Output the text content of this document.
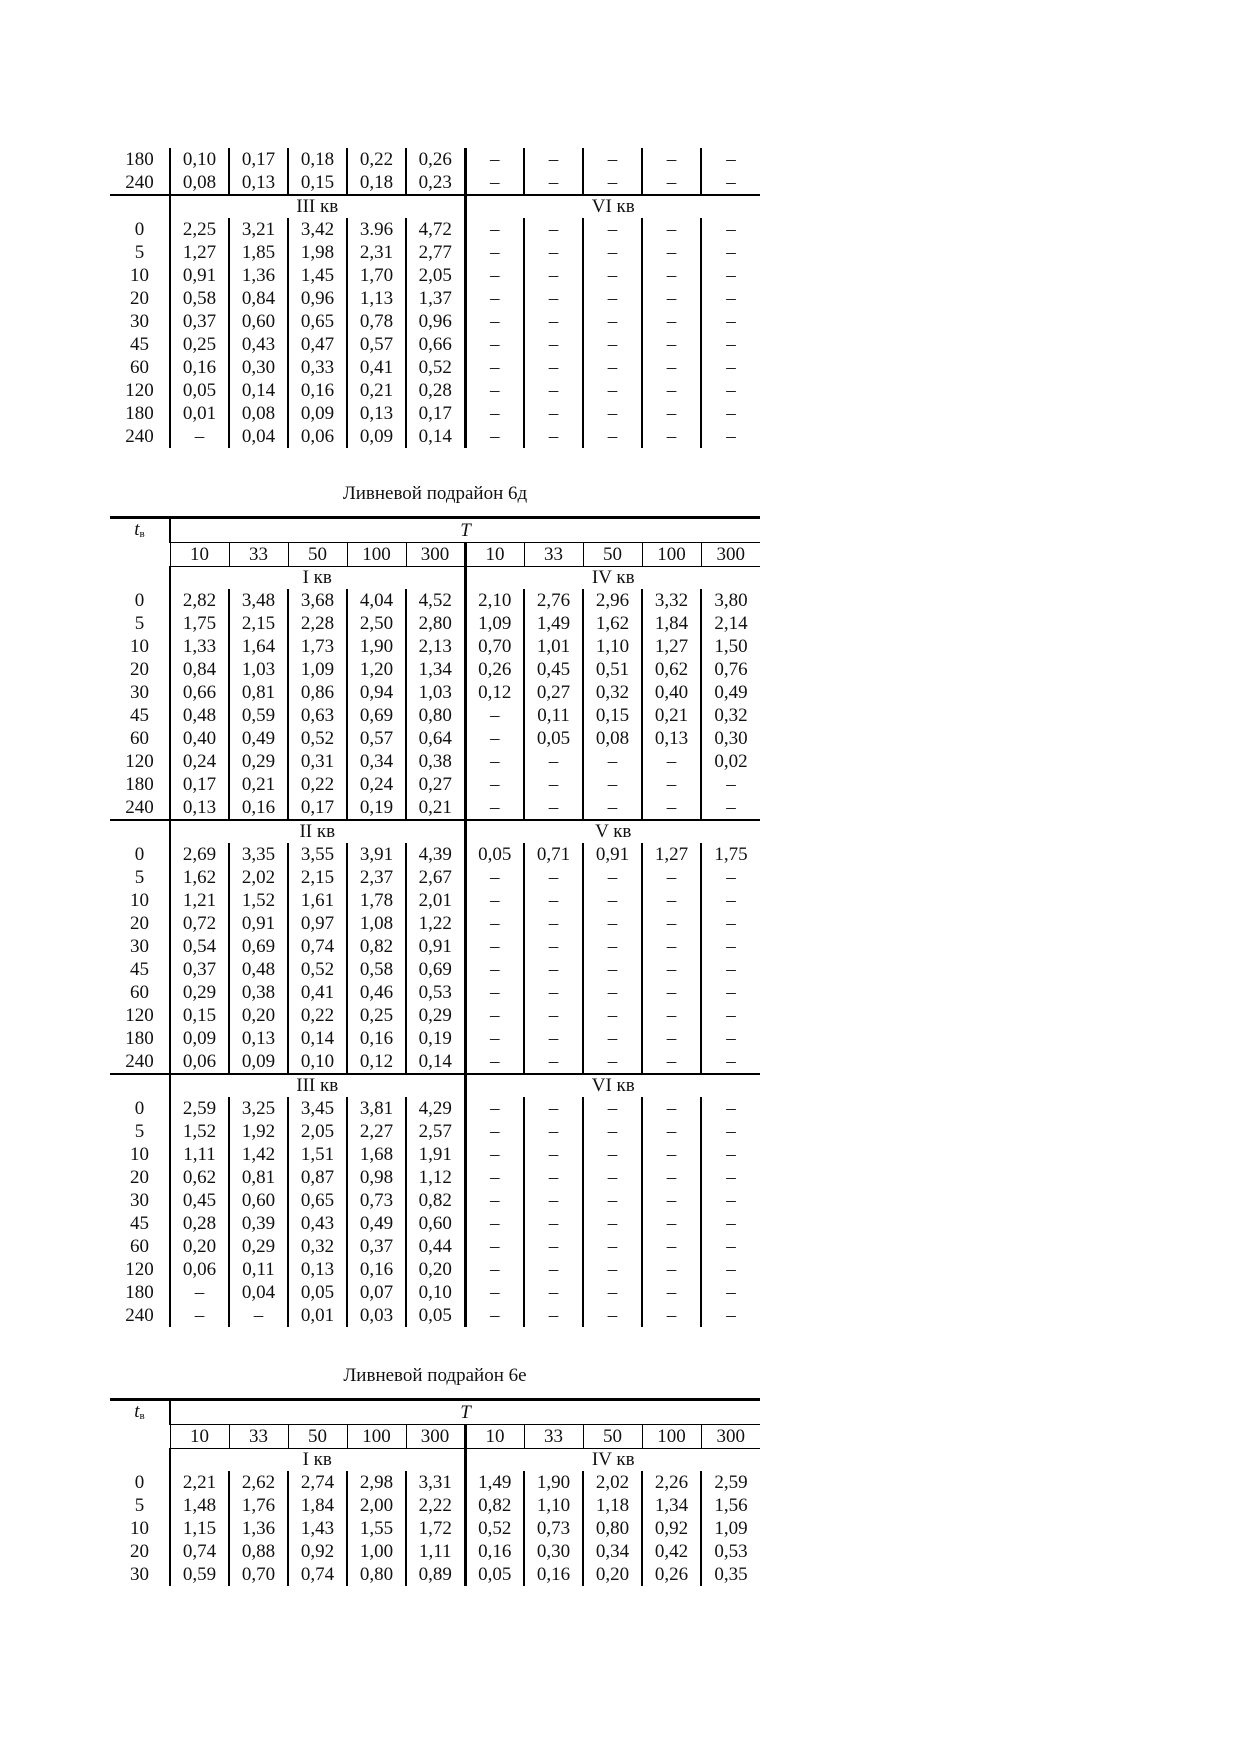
180	0,10	0,17	0,18	0,22	0,26	–	–	–	–	–
240	0,08	0,13	0,15	0,18	0,23	–	–	–	–	–
	III кв					VI кв				
0	2,25	3,21	3,42	3.96	4,72	–	–	–	–	–
5	1,27	1,85	1,98	2,31	2,77	–	–	–	–	–
10	0,91	1,36	1,45	1,70	2,05	–	–	–	–	–
20	0,58	0,84	0,96	1,13	1,37	–	–	–	–	–
30	0,37	0,60	0,65	0,78	0,96	–	–	–	–	–
45	0,25	0,43	0,47	0,57	0,66	–	–	–	–	–
60	0,16	0,30	0,33	0,41	0,52	–	–	–	–	–
120	0,05	0,14	0,16	0,21	0,28	–	–	–	–	–
180	0,01	0,08	0,09	0,13	0,17	–	–	–	–	–
240	–	0,04	0,06	0,09	0,14	–	–	–	–	–
Ливневой подрайон 6д
tв	T									
	10	33	50	100	300	10	33	50	100	300
	I кв					IV кв				
0	2,82	3,48	3,68	4,04	4,52	2,10	2,76	2,96	3,32	3,80
5	1,75	2,15	2,28	2,50	2,80	1,09	1,49	1,62	1,84	2,14
10	1,33	1,64	1,73	1,90	2,13	0,70	1,01	1,10	1,27	1,50
20	0,84	1,03	1,09	1,20	1,34	0,26	0,45	0,51	0,62	0,76
30	0,66	0,81	0,86	0,94	1,03	0,12	0,27	0,32	0,40	0,49
45	0,48	0,59	0,63	0,69	0,80	–	0,11	0,15	0,21	0,32
60	0,40	0,49	0,52	0,57	0,64	–	0,05	0,08	0,13	0,30
120	0,24	0,29	0,31	0,34	0,38	–	–	–	–	0,02
180	0,17	0,21	0,22	0,24	0,27	–	–	–	–	–
240	0,13	0,16	0,17	0,19	0,21	–	–	–	–	–
	II кв					V кв				
0	2,69	3,35	3,55	3,91	4,39	0,05	0,71	0,91	1,27	1,75
5	1,62	2,02	2,15	2,37	2,67	–	–	–	–	–
10	1,21	1,52	1,61	1,78	2,01	–	–	–	–	–
20	0,72	0,91	0,97	1,08	1,22	–	–	–	–	–
30	0,54	0,69	0,74	0,82	0,91	–	–	–	–	–
45	0,37	0,48	0,52	0,58	0,69	–	–	–	–	–
60	0,29	0,38	0,41	0,46	0,53	–	–	–	–	–
120	0,15	0,20	0,22	0,25	0,29	–	–	–	–	–
180	0,09	0,13	0,14	0,16	0,19	–	–	–	–	–
240	0,06	0,09	0,10	0,12	0,14	–	–	–	–	–
	III кв					VI кв				
0	2,59	3,25	3,45	3,81	4,29	–	–	–	–	–
5	1,52	1,92	2,05	2,27	2,57	–	–	–	–	–
10	1,11	1,42	1,51	1,68	1,91	–	–	–	–	–
20	0,62	0,81	0,87	0,98	1,12	–	–	–	–	–
30	0,45	0,60	0,65	0,73	0,82	–	–	–	–	–
45	0,28	0,39	0,43	0,49	0,60	–	–	–	–	–
60	0,20	0,29	0,32	0,37	0,44	–	–	–	–	–
120	0,06	0,11	0,13	0,16	0,20	–	–	–	–	–
180	–	0,04	0,05	0,07	0,10	–	–	–	–	–
240	–	–	0,01	0,03	0,05	–	–	–	–	–
Ливневой подрайон 6е
tв	T									
	10	33	50	100	300	10	33	50	100	300
	I кв					IV кв				
0	2,21	2,62	2,74	2,98	3,31	1,49	1,90	2,02	2,26	2,59
5	1,48	1,76	1,84	2,00	2,22	0,82	1,10	1,18	1,34	1,56
10	1,15	1,36	1,43	1,55	1,72	0,52	0,73	0,80	0,92	1,09
20	0,74	0,88	0,92	1,00	1,11	0,16	0,30	0,34	0,42	0,53
30	0,59	0,70	0,74	0,80	0,89	0,05	0,16	0,20	0,26	0,35
